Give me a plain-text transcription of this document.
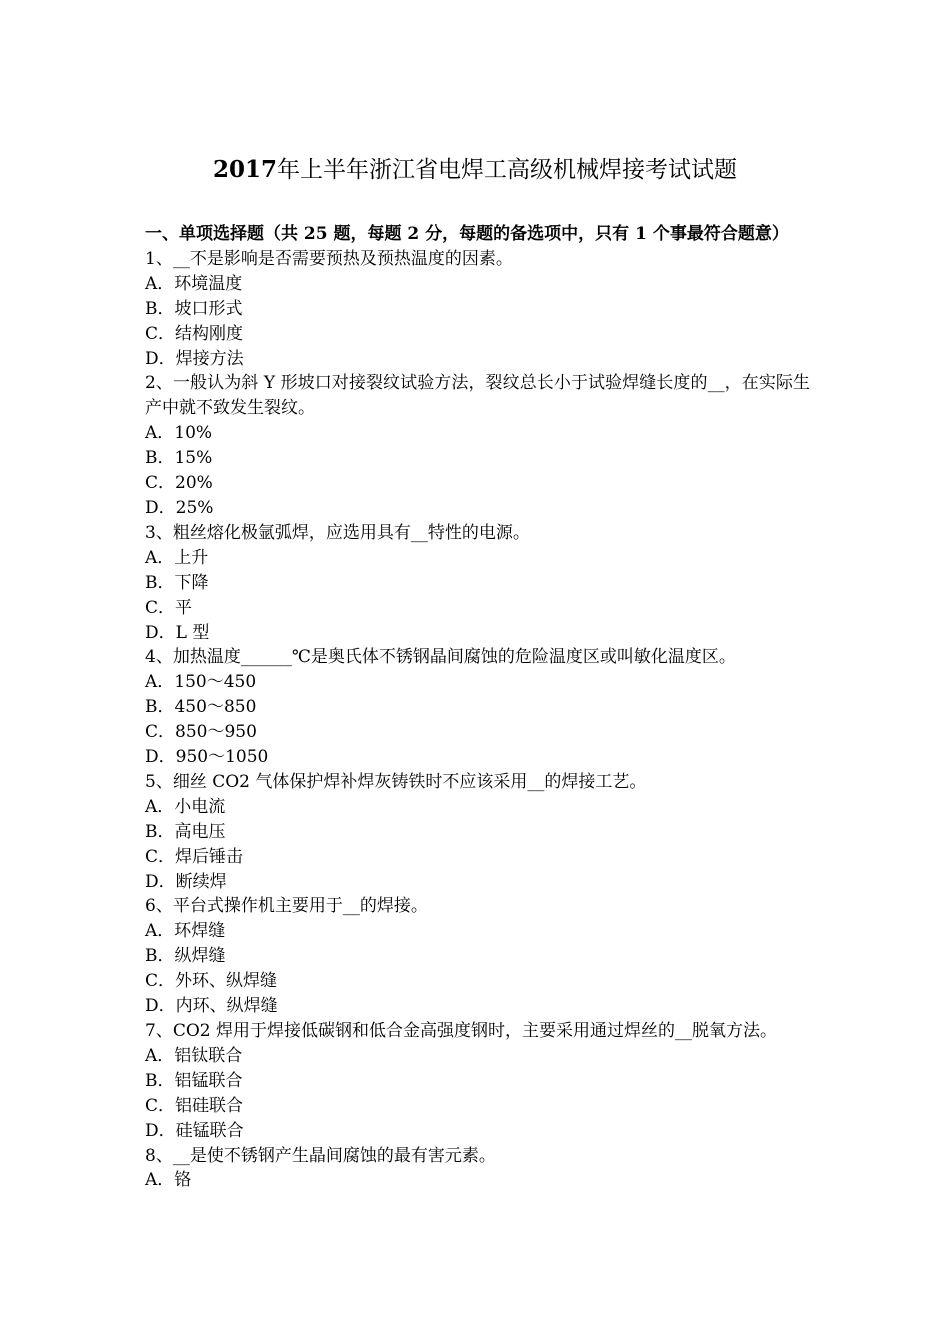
2017年上半年浙江省电焊工高级机械焊接考试试题
一、单项选择题（共 25 题，每题 2 分，每题的备选项中，只有 1 个事最符合题意）

1、__不是影响是否需要预热及预热温度的因素。

A．环境温度

B．坡口形式

C．结构刚度

D．焊接方法

2、一般认为斜 Y 形坡口对接裂纹试验方法，裂纹总长小于试验焊缝长度的__，在实际生产中就不致发生裂纹。

A．10%

B．15%

C．20%

D．25%

3、粗丝熔化极氩弧焊，应选用具有__特性的电源。

A．上升

B．下降

C．平

D．L 型

4、加热温度______℃是奥氏体不锈钢晶间腐蚀的危险温度区或叫敏化温度区。

A．150～450

B．450～850

C．850～950

D．950～1050

5、细丝 CO2 气体保护焊补焊灰铸铁时不应该采用__的焊接工艺。

A．小电流

B．高电压

C．焊后锤击

D．断续焊

6、平台式操作机主要用于__的焊接。

A．环焊缝

B．纵焊缝

C．外环、纵焊缝

D．内环、纵焊缝

7、CO2 焊用于焊接低碳钢和低合金高强度钢时，主要采用通过焊丝的__脱氧方法。

A．铝钛联合

B．铝锰联合

C．铝硅联合

D．硅锰联合

8、__是使不锈钢产生晶间腐蚀的最有害元素。

A．铬
